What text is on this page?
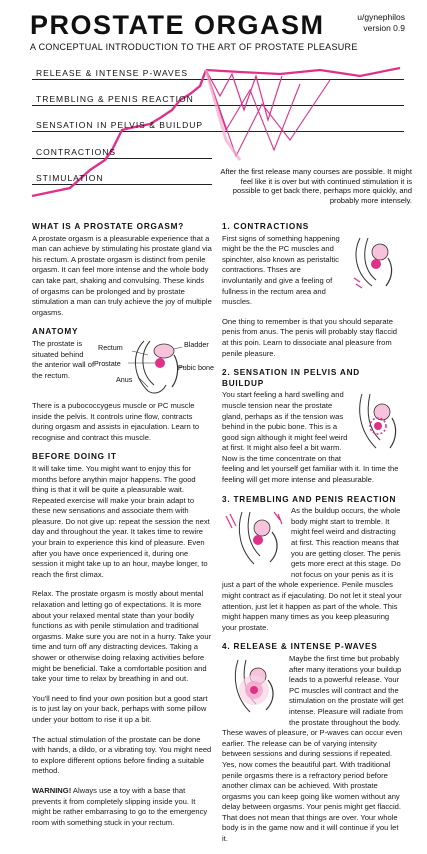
PROSTATE ORGASM
A CONCEPTUAL INTRODUCTION TO THE ART OF PROSTATE PLEASURE
u/gynephilos
version 0.9
RELEASE & INTENSE P-WAVES
TREMBLING & PENIS REACTION
SENSATION IN PELVIS & BUILDUP
CONTRACTIONS
STIMULATION
After the first release many courses are possible. It might feel like it is over but with continued stimulation it is possible to get back there, perhaps more quickly, and probably more intensely.
WHAT IS A PROSTATE ORGASM?

A prostate orgasm is a pleasurable experience that a man can achieve by stimulating his prostate gland via his rectum. A prostate orgasm is distinct from penile orgasm. It can feel more intense and the whole body can take part, shaking and convulsing. These kinds of orgasms can be prolonged and by prostate stimulation a man can truly achieve the joy of multiple orgasms.

ANATOMY
The prostate is situated behind the anterior wall of the rectum.
Rectum	Bladder
Prostate	Pubic bone
Anus

There is a pubococcygeus muscle or PC muscle inside the pelvis. It controls urine flow, contracts during orgasm and assists in ejaculation. Learn to recognise and contract this muscle.

BEFORE DOING IT

It will take time. You might want to enjoy this for months before anythin major happens. The good thing is that it will be quite a pleasurable wait. Repeated exercise will make your brain adapt to these new sensations and associate them with pleasure. Do not give up: repeat the session the next day and throughout the year. It takes time to rewire your brain to experience this kind of pleasure. Even after you have once experienced it, during one session it might take up to an hour, maybe longer, to reach the first climax.

Relax. The prostate orgasm is mostly about mental relaxation and letting go of expectations. It is more about your relaxed mental state than your bodily functions as with penile stimulation and traditional orgasms. Make sure you are not in a hurry. Take your time and turn off any distracting devices. Taking a shower or otherwise doing relaxing activities before might be beneficial. Take a comfortable position and take your time to relax by breathing in and out.

You'll need to find your own position but a good start is to just lay on your back, perhaps with some pillow under your bottom to rise it up a bit.

The actual stimulation of the prostate can be done with hands, a dildo, or a vibrating toy. You might need to explore different options before finding a suitable method.

WARNING! Always use a toy with a base that prevents it from completely slipping inside you. It might be rather embarrasing to go to the emergency room with something stuck in your rectum.

1. CONTRACTIONS

First signs of something happening might be the the PC muscles and spinchter, also known as peristaltic contractions. Thses are involuntarily and give a feeling of fullness in the rectum area and muscles.

One thing to remember is that you should separate penis from anus. The penis will probably stay flaccid at this poin. Learn to dissociate anal pleasure from penile pleasure.

2. SENSATION IN PELVIS AND BUILDUP

You start feeling a hard swelling and muscle tension near the prostate gland, perhaps as if the tension was behind in the pubic bone. This is a good sign although it might feel weird at first. It might also feel a bit warm. Now is the time concentrate on that feeling and let yourself get familiar with it. In time the feeling will get more intense and pleasurable.

3. TREMBLING AND PENIS REACTION

As the buildup occurs, the whole body might start to tremble. It might feel weird and distracting at first. This reaction means that you are getting closer. The penis gets more erect at this stage. Do not focus on your penis as it is just a part of the whole experience. Penile muscles might contract as if ejaculating. Do not let it steal your attention, just let it happen as part of the whole. This might happen many times as you keep pleasuring your prostate.

4. RELEASE & INTENSE P-WAVES

Maybe the first time but probably after many iterations your buildup leads to a powerful release. Your PC muscles will contract and the stimulation on the prostate will get intense. Pleasure will radiate from the prostate throughout the body. These waves of pleasure, or P-waves can occur even earlier. The release can be of varying intensity between sessions and during sessions if repeated. Yes, now comes the beautiful part. With traditional penile orgasms there is a refractory period before another climax can be achieved. With prostate orgasms you can keep going like women without any delay between orgasms. Your penis might get flaccid. That does not mean that things are over. Your whole body is in the game now and it will continue if you let it.
